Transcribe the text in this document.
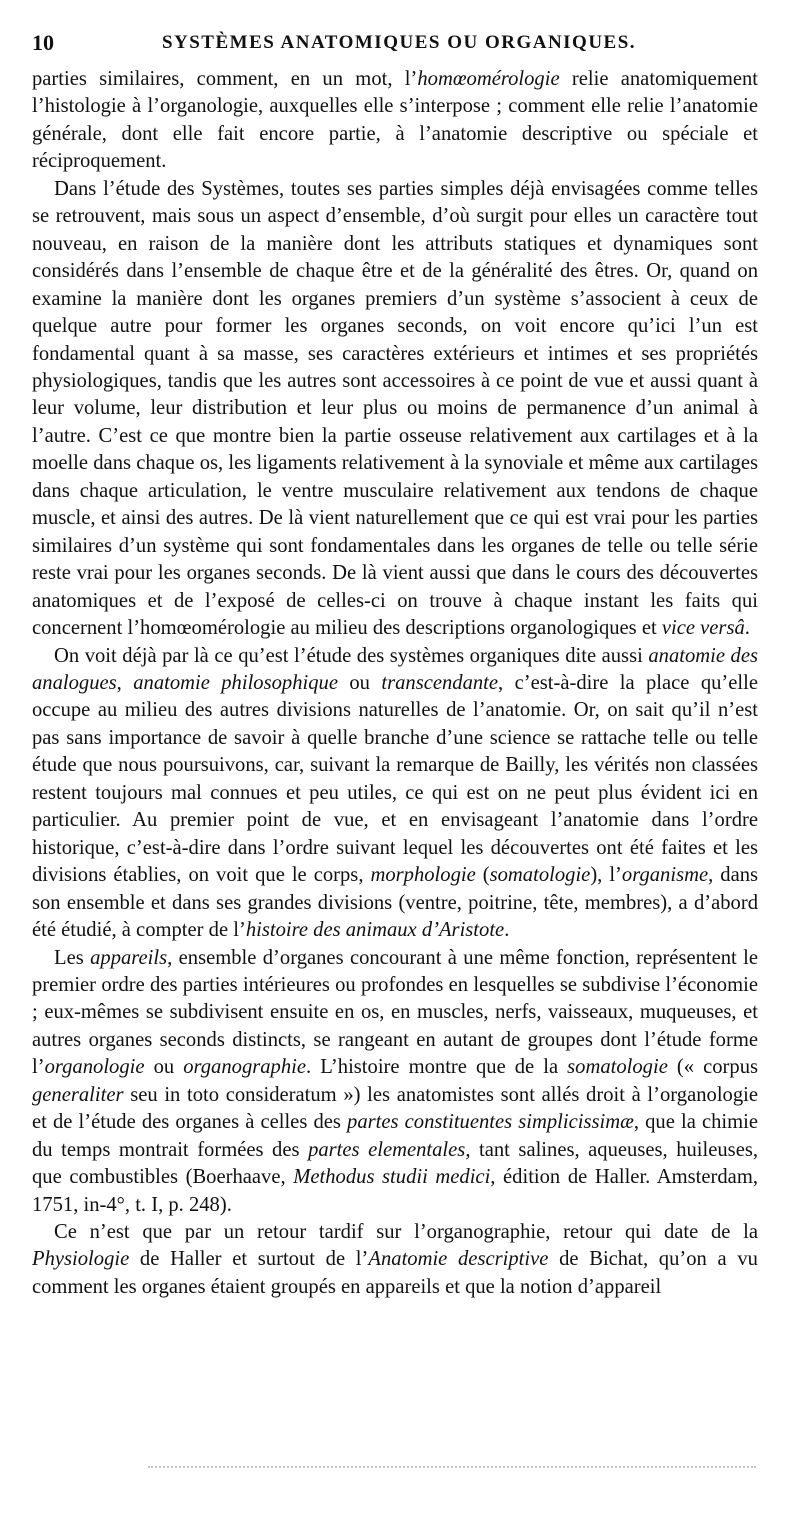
10	SYSTÈMES ANATOMIQUES OU ORGANIQUES.

parties similaires, comment, en un mot, l’homœomérologie relie anatomiquement l’histologie à l’organologie, auxquelles elle s’interpose ; comment elle relie l’anatomie générale, dont elle fait encore partie, à l’anatomie descriptive ou spéciale et réciproquement.

Dans l’étude des Systèmes, toutes ses parties simples déjà envisagées comme telles se retrouvent, mais sous un aspect d’ensemble, d’où surgit pour elles un caractère tout nouveau, en raison de la manière dont les attributs statiques et dynamiques sont considérés dans l’ensemble de chaque être et de la généralité des êtres. Or, quand on examine la manière dont les organes premiers d’un système s’associent à ceux de quelque autre pour former les organes seconds, on voit encore qu’ici l’un est fondamental quant à sa masse, ses caractères extérieurs et intimes et ses propriétés physiologiques, tandis que les autres sont accessoires à ce point de vue et aussi quant à leur volume, leur distribution et leur plus ou moins de permanence d’un animal à l’autre. C’est ce que montre bien la partie osseuse relativement aux cartilages et à la moelle dans chaque os, les ligaments relativement à la synoviale et même aux cartilages dans chaque articulation, le ventre musculaire relativement aux tendons de chaque muscle, et ainsi des autres. De là vient naturellement que ce qui est vrai pour les parties similaires d’un système qui sont fondamentales dans les organes de telle ou telle série reste vrai pour les organes seconds. De là vient aussi que dans le cours des découvertes anatomiques et de l’exposé de celles-ci on trouve à chaque instant les faits qui concernent l’homœomérologie au milieu des descriptions organologiques et vice versâ.

On voit déjà par là ce qu’est l’étude des systèmes organiques dite aussi anatomie des analogues, anatomie philosophique ou transcendante, c’est-à-dire la place qu’elle occupe au milieu des autres divisions naturelles de l’anatomie. Or, on sait qu’il n’est pas sans importance de savoir à quelle branche d’une science se rattache telle ou telle étude que nous poursuivons, car, suivant la remarque de Bailly, les vérités non classées restent toujours mal connues et peu utiles, ce qui est on ne peut plus évident ici en particulier. Au premier point de vue, et en envisageant l’anatomie dans l’ordre historique, c’est-à-dire dans l’ordre suivant lequel les découvertes ont été faites et les divisions établies, on voit que le corps, morphologie (somatologie), l’organisme, dans son ensemble et dans ses grandes divisions (ventre, poitrine, tête, membres), a d’abord été étudié, à compter de l’histoire des animaux d’Aristote.

Les appareils, ensemble d’organes concourant à une même fonction, représentent le premier ordre des parties intérieures ou profondes en lesquelles se subdivise l’économie ; eux-mêmes se subdivisent ensuite en os, en muscles, nerfs, vaisseaux, muqueuses, et autres organes seconds distincts, se rangeant en autant de groupes dont l’étude forme l’organologie ou organographie. L’histoire montre que de la somatologie (« corpus generaliter seu in toto consideratum ») les anatomistes sont allés droit à l’organologie et de l’étude des organes à celles des partes constituentes simplicissimæ, que la chimie du temps montrait formées des partes elementales, tant salines, aqueuses, huileuses, que combustibles (Boerhaave, Methodus studii medici, édition de Haller. Amsterdam, 1751, in-4°, t. I, p. 248).

Ce n’est que par un retour tardif sur l’organographie, retour qui date de la Physiologie de Haller et surtout de l’Anatomie descriptive de Bichat, qu’on a vu comment les organes étaient groupés en appareils et que la notion d’appareil
